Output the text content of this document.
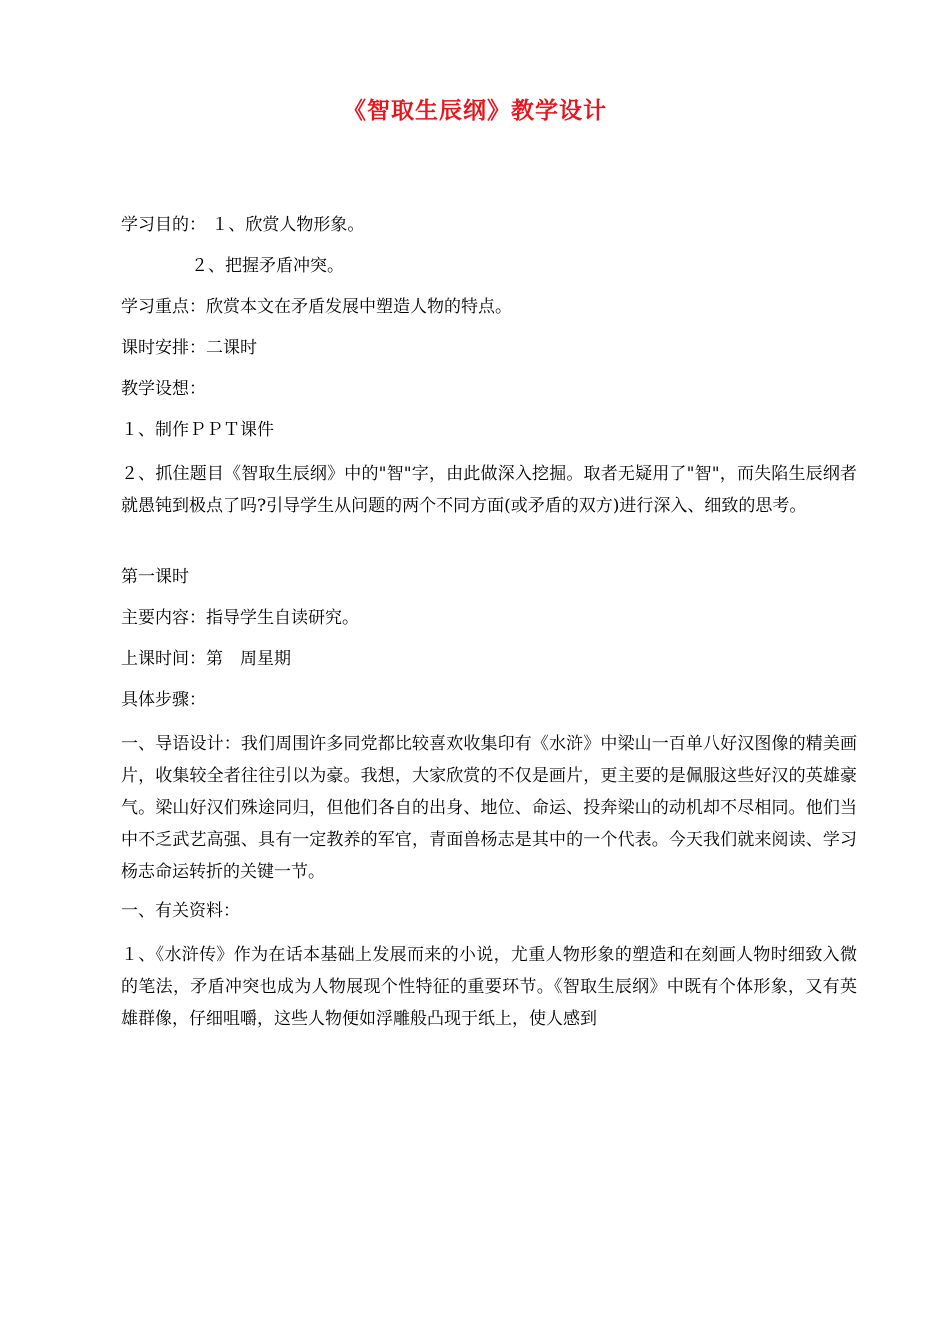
《智取生辰纲》教学设计
学习目的： １、欣赏人物形象。
２、把握矛盾冲突。
学习重点：欣赏本文在矛盾发展中塑造人物的特点。
课时安排：二课时
教学设想：
１、制作ＰＰＴ课件
２、抓住题目《智取生辰纲》中的"智"字，由此做深入挖掘。取者无疑用了"智"，而失陷生辰纲者就愚钝到极点了吗?引导学生从问题的两个不同方面(或矛盾的双方)进行深入、细致的思考。
第一课时
主要内容：指导学生自读研究。
上课时间：第　周星期
具体步骤：
一、导语设计：我们周围许多同党都比较喜欢收集印有《水浒》中梁山一百单八好汉图像的精美画片，收集较全者往往引以为豪。我想，大家欣赏的不仅是画片，更主要的是佩服这些好汉的英雄豪气。梁山好汉们殊途同归，但他们各自的出身、地位、命运、投奔梁山的动机却不尽相同。他们当中不乏武艺高强、具有一定教养的军官，青面兽杨志是其中的一个代表。今天我们就来阅读、学习杨志命运转折的关键一节。
一、有关资料：
１、《水浒传》作为在话本基础上发展而来的小说，尤重人物形象的塑造和在刻画人物时细致入微的笔法，矛盾冲突也成为人物展现个性特征的重要环节。《智取生辰纲》中既有个体形象，又有英雄群像，仔细咀嚼，这些人物便如浮雕般凸现于纸上，使人感到
